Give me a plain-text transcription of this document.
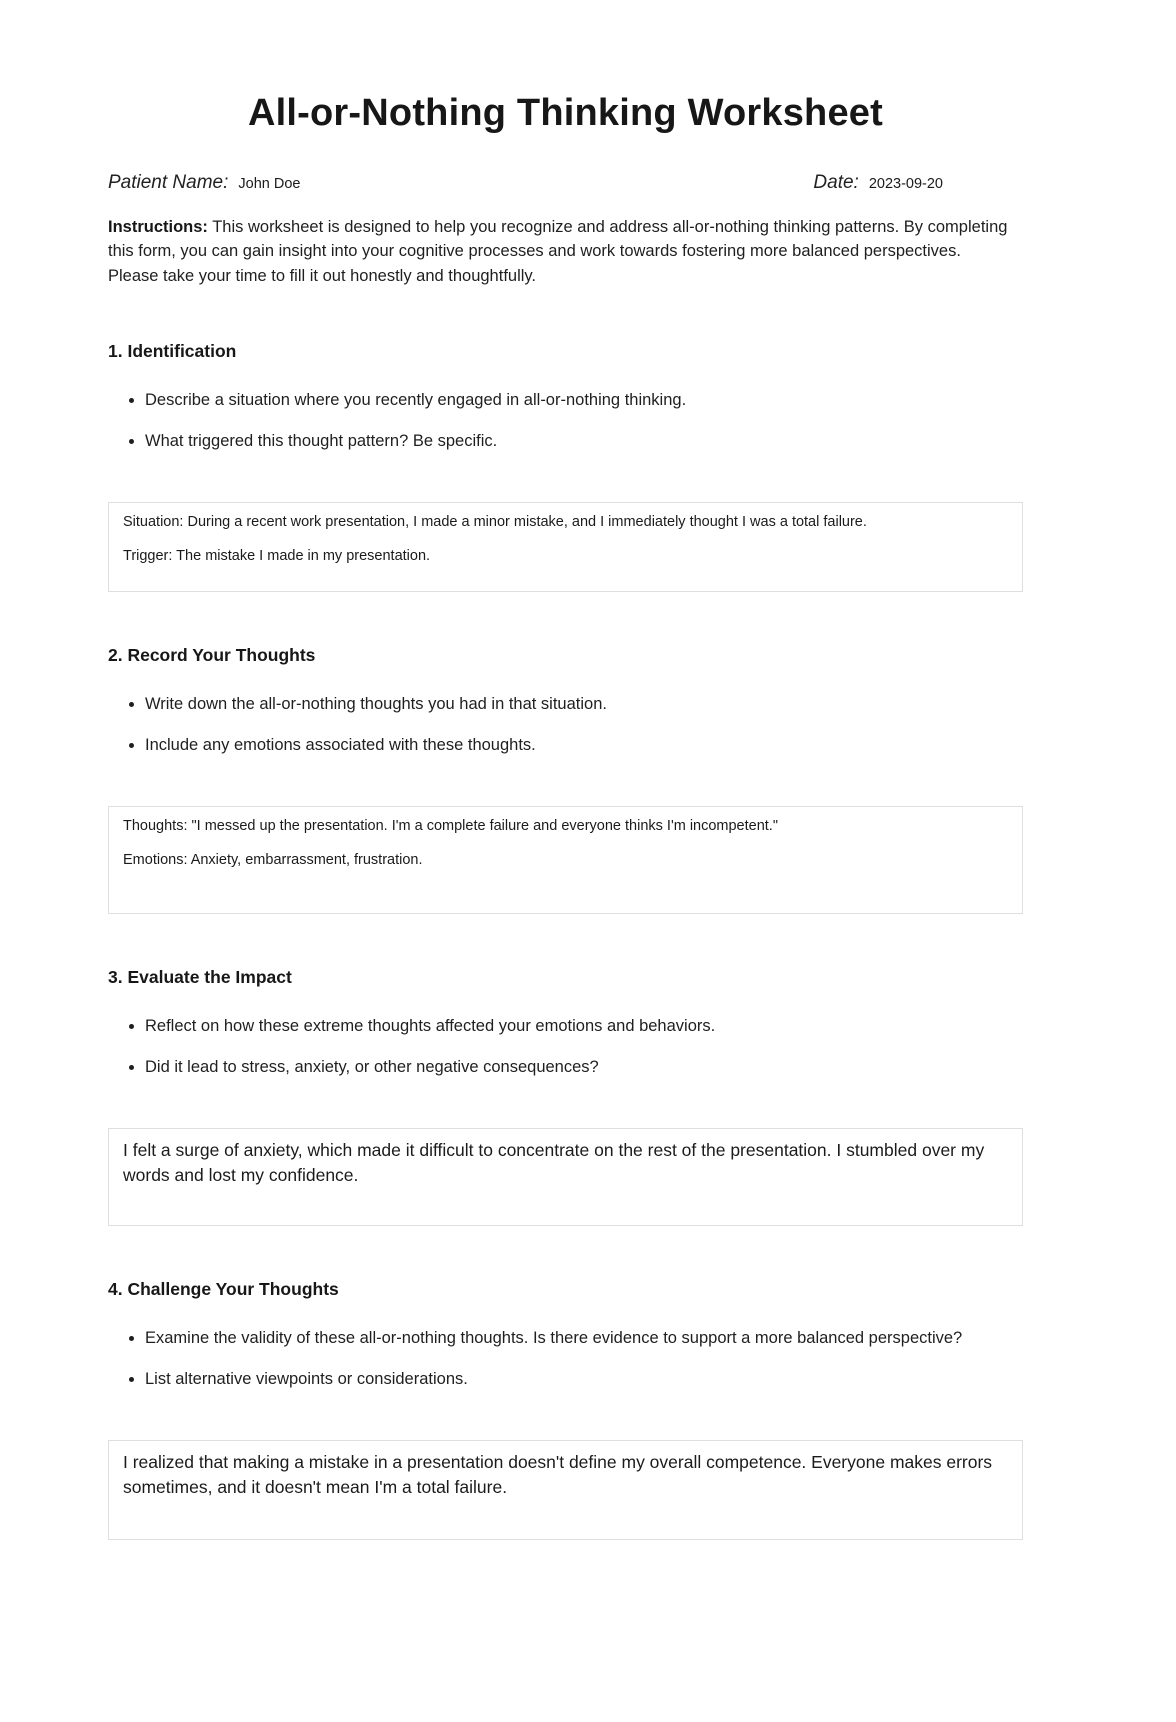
All-or-Nothing Thinking Worksheet
Patient Name: John Doe	Date: 2023-09-20

Instructions: This worksheet is designed to help you recognize and address all-or-nothing thinking patterns. By completing this form, you can gain insight into your cognitive processes and work towards fostering more balanced perspectives. Please take your time to fill it out honestly and thoughtfully.

1. Identification
• Describe a situation where you recently engaged in all-or-nothing thinking.
• What triggered this thought pattern? Be specific.

Situation: During a recent work presentation, I made a minor mistake, and I immediately thought I was a total failure.

Trigger: The mistake I made in my presentation.

2. Record Your Thoughts
• Write down the all-or-nothing thoughts you had in that situation.
• Include any emotions associated with these thoughts.

Thoughts: "I messed up the presentation. I'm a complete failure and everyone thinks I'm incompetent."

Emotions: Anxiety, embarrassment, frustration.

3. Evaluate the Impact
• Reflect on how these extreme thoughts affected your emotions and behaviors.
• Did it lead to stress, anxiety, or other negative consequences?

I felt a surge of anxiety, which made it difficult to concentrate on the rest of the presentation. I stumbled over my words and lost my confidence.

4. Challenge Your Thoughts
• Examine the validity of these all-or-nothing thoughts. Is there evidence to support a more balanced perspective?
• List alternative viewpoints or considerations.

I realized that making a mistake in a presentation doesn't define my overall competence. Everyone makes errors sometimes, and it doesn't mean I'm a total failure.
